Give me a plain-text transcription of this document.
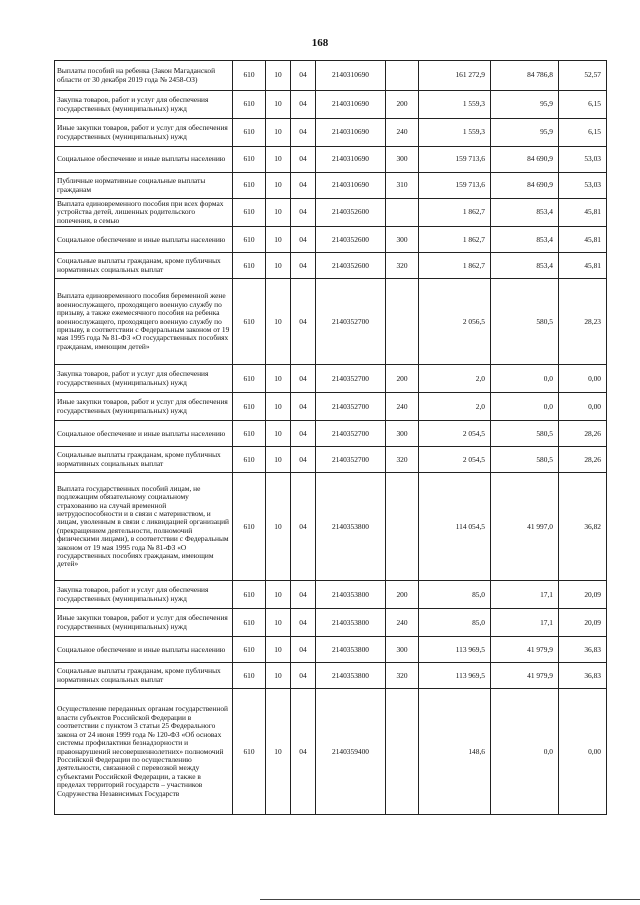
168
Выплаты пособий на ребенка (Закон Магаданской области от 30 декабря 2019 года № 2458-ОЗ)	610	10	04	2140310690		161 272,9	84 786,8	52,57
Закупка товаров, работ и услуг для обеспечения государственных (муниципальных) нужд	610	10	04	2140310690	200	1 559,3	95,9	6,15
Иные закупки товаров, работ и услуг для обеспечения государственных (муниципальных) нужд	610	10	04	2140310690	240	1 559,3	95,9	6,15
Социальное обеспечение и иные выплаты населению	610	10	04	2140310690	300	159 713,6	84 690,9	53,03
Публичные нормативные социальные выплаты гражданам	610	10	04	2140310690	310	159 713,6	84 690,9	53,03
Выплата единовременного пособия при всех формах устройства детей, лишенных родительского попечения, в семью	610	10	04	2140352600		1 862,7	853,4	45,81
Социальное обеспечение и иные выплаты населению	610	10	04	2140352600	300	1 862,7	853,4	45,81
Социальные выплаты гражданам, кроме публичных нормативных социальных выплат	610	10	04	2140352600	320	1 862,7	853,4	45,81
Выплата единовременного пособия беременной жене военнослужащего, проходящего военную службу по призыву, а также ежемесячного пособия на ребенка военнослужащего, проходящего военную службу по призыву, в соответствии с Федеральным законом от 19 мая 1995 года № 81-ФЗ «О государственных пособиях гражданам, имеющим детей»	610	10	04	2140352700		2 056,5	580,5	28,23
Закупка товаров, работ и услуг для обеспечения государственных (муниципальных) нужд	610	10	04	2140352700	200	2,0	0,0	0,00
Иные закупки товаров, работ и услуг для обеспечения государственных (муниципальных) нужд	610	10	04	2140352700	240	2,0	0,0	0,00
Социальное обеспечение и иные выплаты населению	610	10	04	2140352700	300	2 054,5	580,5	28,26
Социальные выплаты гражданам, кроме публичных нормативных социальных выплат	610	10	04	2140352700	320	2 054,5	580,5	28,26
Выплата государственных пособий лицам, не подлежащим обязательному социальному страхованию на случай временной нетрудоспособности и в связи с материнством, и лицам, уволенным в связи с ликвидацией организаций (прекращением деятельности, полномочий физическими лицами), в соответствии с Федеральным законом от 19 мая 1995 года № 81-ФЗ «О государственных пособиях гражданам, имеющим детей»	610	10	04	2140353800		114 054,5	41 997,0	36,82
Закупка товаров, работ и услуг для обеспечения государственных (муниципальных) нужд	610	10	04	2140353800	200	85,0	17,1	20,09
Иные закупки товаров, работ и услуг для обеспечения государственных (муниципальных) нужд	610	10	04	2140353800	240	85,0	17,1	20,09
Социальное обеспечение и иные выплаты населению	610	10	04	2140353800	300	113 969,5	41 979,9	36,83
Социальные выплаты гражданам, кроме публичных нормативных социальных выплат	610	10	04	2140353800	320	113 969,5	41 979,9	36,83
Осуществление переданных органам государственной власти субъектов Российской Федерации в соответствии с пунктом 3 статьи 25 Федерального закона от 24 июня 1999 года № 120-ФЗ «Об основах системы профилактики безнадзорности и правонарушений несовершеннолетних» полномочий Российской Федерации по осуществлению деятельности, связанной с перевозкой между субъектами Российской Федерации, а также в пределах территорий государств – участников Содружества Независимых Государств	610	10	04	2140359400		148,6	0,0	0,00
